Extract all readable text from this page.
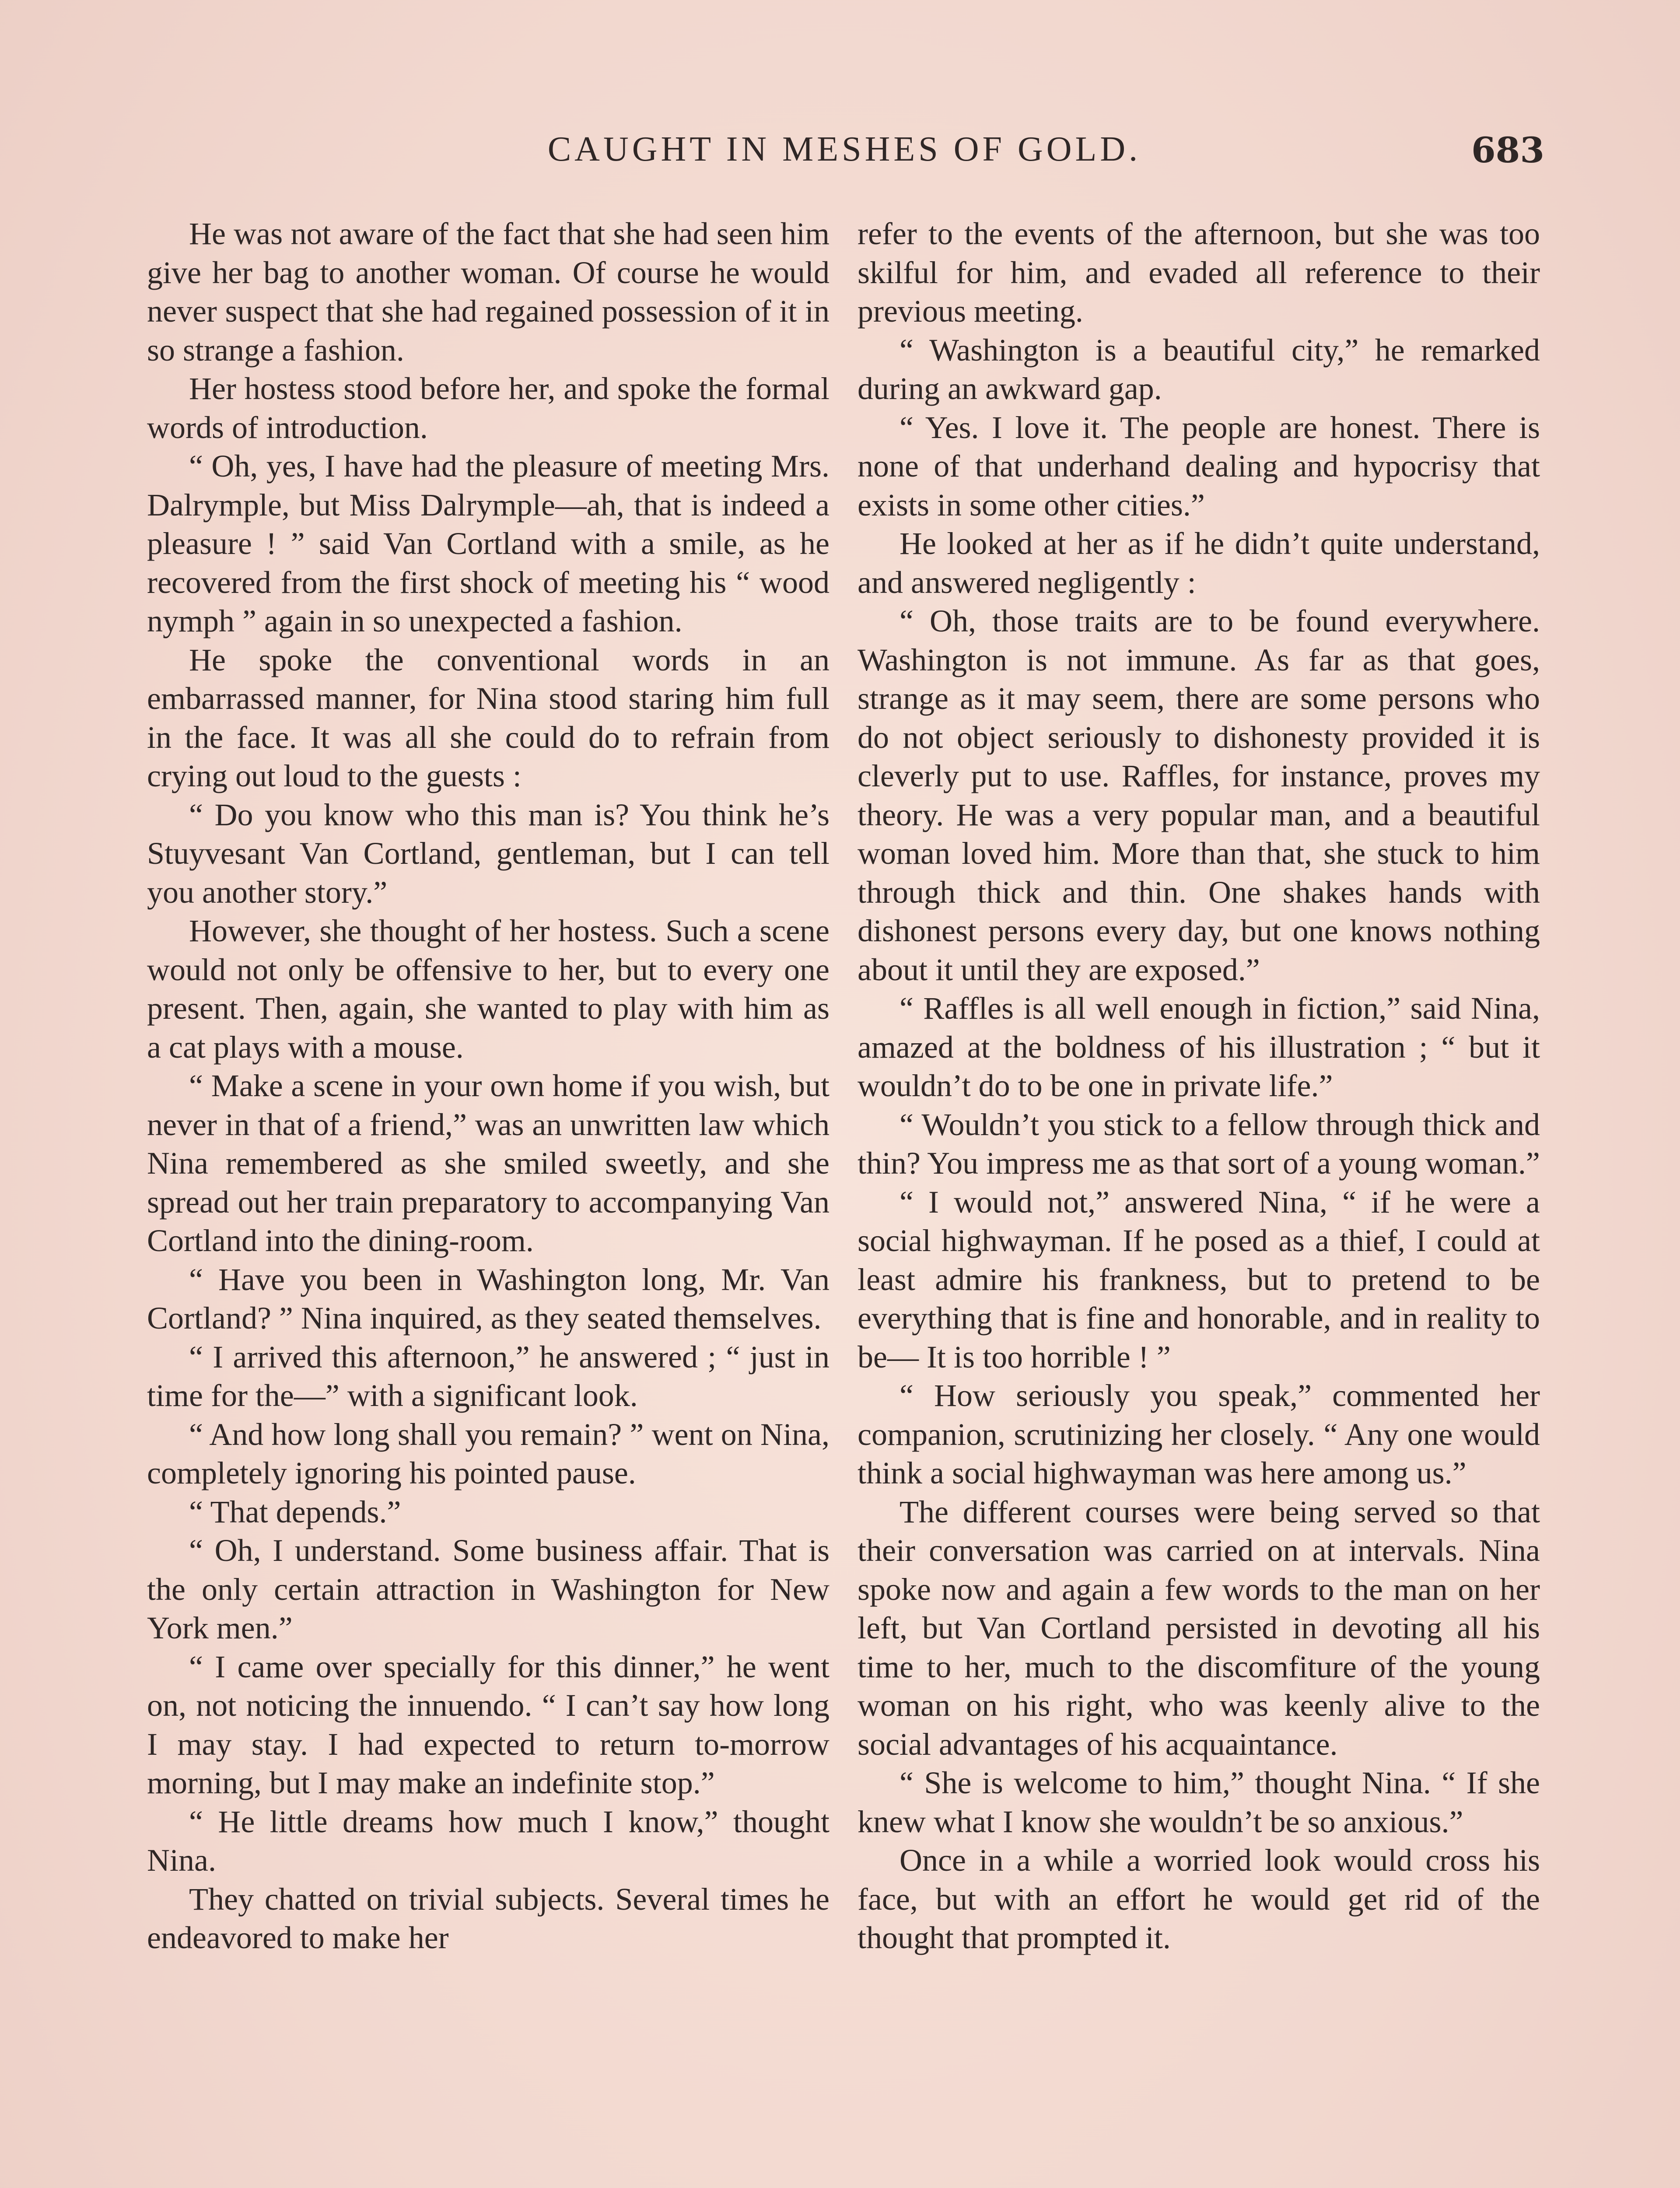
CAUGHT IN MESHES OF GOLD.	683

He was not aware of the fact that she had seen him give her bag to another woman. Of course he would never suspect that she had regained possession of it in so strange a fashion.

Her hostess stood before her, and spoke the formal words of introduction.

“ Oh, yes, I have had the pleasure of meeting Mrs. Dalrymple, but Miss Dalrymple—ah, that is indeed a pleasure ! ” said Van Cortland with a smile, as he recovered from the first shock of meeting his “ wood nymph ” again in so unexpected a fashion.

He spoke the conventional words in an embarrassed manner, for Nina stood staring him full in the face. It was all she could do to refrain from crying out loud to the guests :

“ Do you know who this man is? You think he’s Stuyvesant Van Cortland, gentleman, but I can tell you another story.”

However, she thought of her hostess. Such a scene would not only be offensive to her, but to every one present. Then, again, she wanted to play with him as a cat plays with a mouse.

“ Make a scene in your own home if you wish, but never in that of a friend,” was an unwritten law which Nina remembered as she smiled sweetly, and she spread out her train preparatory to accompanying Van Cortland into the dining-room.

“ Have you been in Washington long, Mr. Van Cortland? ” Nina inquired, as they seated themselves.

“ I arrived this afternoon,” he answered ; “ just in time for the—” with a significant look.

“ And how long shall you remain? ” went on Nina, completely ignoring his pointed pause.

“ That depends.”

“ Oh, I understand. Some business affair. That is the only certain attraction in Washington for New York men.”

“ I came over specially for this dinner,” he went on, not noticing the innuendo. “ I can’t say how long I may stay. I had expected to return to-morrow morning, but I may make an indefinite stop.”

“ He little dreams how much I know,” thought Nina.

They chatted on trivial subjects. Several times he endeavored to make her

refer to the events of the afternoon, but she was too skilful for him, and evaded all reference to their previous meeting.

“ Washington is a beautiful city,” he remarked during an awkward gap.

“ Yes. I love it. The people are honest. There is none of that underhand dealing and hypocrisy that exists in some other cities.”

He looked at her as if he didn’t quite understand, and answered negligently :

“ Oh, those traits are to be found everywhere. Washington is not immune. As far as that goes, strange as it may seem, there are some persons who do not object seriously to dishonesty provided it is cleverly put to use. Raffles, for instance, proves my theory. He was a very popular man, and a beautiful woman loved him. More than that, she stuck to him through thick and thin. One shakes hands with dishonest persons every day, but one knows nothing about it until they are exposed.”

“ Raffles is all well enough in fiction,” said Nina, amazed at the boldness of his illustration ; “ but it wouldn’t do to be one in private life.”

“ Wouldn’t you stick to a fellow through thick and thin? You impress me as that sort of a young woman.”

“ I would not,” answered Nina, “ if he were a social highwayman. If he posed as a thief, I could at least admire his frankness, but to pretend to be everything that is fine and honorable, and in reality to be— It is too horrible ! ”

“ How seriously you speak,” commented her companion, scrutinizing her closely. “ Any one would think a social highwayman was here among us.”

The different courses were being served so that their conversation was carried on at intervals. Nina spoke now and again a few words to the man on her left, but Van Cortland persisted in devoting all his time to her, much to the discomfiture of the young woman on his right, who was keenly alive to the social advantages of his acquaintance.

“ She is welcome to him,” thought Nina. “ If she knew what I know she wouldn’t be so anxious.”

Once in a while a worried look would cross his face, but with an effort he would get rid of the thought that prompted it.
